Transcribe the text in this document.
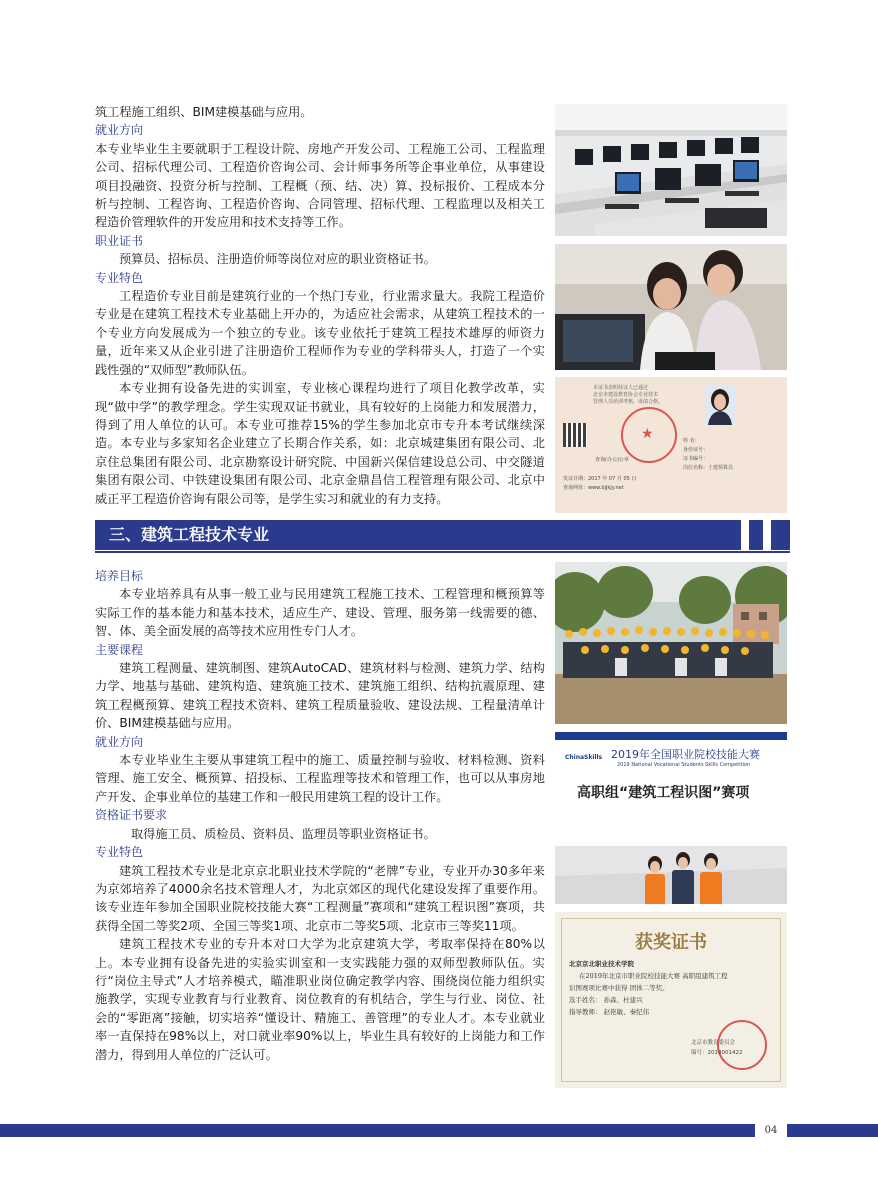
筑工程施工组织、BIM建模基础与应用。

就业方向

本专业毕业生主要就职于工程设计院、房地产开发公司、工程施工公司、工程监理公司、招标代理公司、工程造价咨询公司、会计师事务所等企事业单位，从事建设项目投融资、投资分析与控制、工程概（预、结、决）算、投标报价、工程成本分析与控制、工程咨询、工程造价咨询、合同管理、招标代理、工程监理以及相关工程造价管理软件的开发应用和技术支持等工作。

职业证书

预算员、招标员、注册造价师等岗位对应的职业资格证书。

专业特色

工程造价专业目前是建筑行业的一个热门专业，行业需求量大。我院工程造价专业是在建筑工程技术专业基础上开办的，为适应社会需求，从建筑工程技术的一个专业方向发展成为一个独立的专业。该专业依托于建筑工程技术雄厚的师资力量，近年来又从企业引进了注册造价工程师作为专业的学科带头人，打造了一个实践性强的“双师型”教师队伍。

本专业拥有设备先进的实训室，专业核心课程均进行了项目化教学改革，实现“做中学”的教学理念。学生实现双证书就业，具有较好的上岗能力和发展潜力，得到了用人单位的认可。本专业可推荐15%的学生参加北京市专升本考试继续深造。本专业与多家知名企业建立了长期合作关系，如：北京城建集团有限公司、北京住总集团有限公司、北京勘察设计研究院、中国新兴保信建设总公司、中交隧道集团有限公司、中铁建设集团有限公司、北京金鼎昌信工程管理有限公司、北京中威正平工程造价咨询有限公司等，是学生实习和就业的有力支持。

三、建筑工程技术专业

培养目标

本专业培养具有从事一般工业与民用建筑工程施工技术、工程管理和概预算等实际工作的基本能力和基本技术，适应生产、建设、管理、服务第一线需要的德、智、体、美全面发展的高等技术应用性专门人才。

主要课程

建筑工程测量、建筑制图、建筑AutoCAD、建筑材料与检测、建筑力学、结构力学、地基与基础、建筑构造、建筑施工技术、建筑施工组织、结构抗震原理、建筑工程概预算、建筑工程技术资料、建筑工程质量验收、建设法规、工程量清单计价、BIM建模基础与应用。

就业方向

本专业毕业生主要从事建筑工程中的施工、质量控制与验收、材料检测、资料管理、施工安全、概预算、招投标、工程监理等技术和管理工作，也可以从事房地产开发、企事业单位的基建工作和一般民用建筑工程的设计工作。

资格证书要求

取得施工员、质检员、资料员、监理员等职业资格证书。

专业特色

建筑工程技术专业是北京京北职业技术学院的“老牌”专业，专业开办30多年来为京郊培养了4000余名技术管理人才，为北京郊区的现代化建设发挥了重要作用。该专业连年参加全国职业院校技能大赛“工程测量”赛项和“建筑工程识图”赛项，共获得全国二等奖2项、全国三等奖1项、北京市二等奖5项、北京市三等奖11项。

建筑工程技术专业的专升本对口大学为北京建筑大学，考取率保持在80%以上。本专业拥有设备先进的实验实训室和一支实践能力强的双师型教师队伍。实行“岗位主导式”人才培养模式，瞄准职业岗位确定教学内容、围绕岗位能力组织实施教学，实现专业教育与行业教育、岗位教育的有机结合，学生与行业、岗位、社会的“零距离”接触，切实培养“懂设计、精施工、善管理”的专业人才。本专业就业率一直保持在98%以上，对口就业率90%以上，毕业生具有较好的上岗能力和工作潜力，得到用人单位的广泛认可。

本证书表明持证人已通过
北京市建设教育协会专业技术
管理人员培训考核，成绩合格。
★
查询(办公)公章
姓 名：
身份证号：
证书编号：
岗位名称：土建预算员
发证日期：2017 年 07 月 05 日
查询网址：www.bjjkjy.net
ChinaSkills 2019年全国职业院校技能大赛
2019 National Vocational Students Skills Competition
高职组“建筑工程识图”赛项
获奖证书
北京京北职业技术学院
在2019年北京市职业院校技能大赛 高职组建筑工程
识图赛项比赛中获得 团体二等奖。
选手姓名： 孙森、杜建兴
指导教师： 赵艳敏、秦纪伟
北京市教育委员会
编号：2019001422
04
